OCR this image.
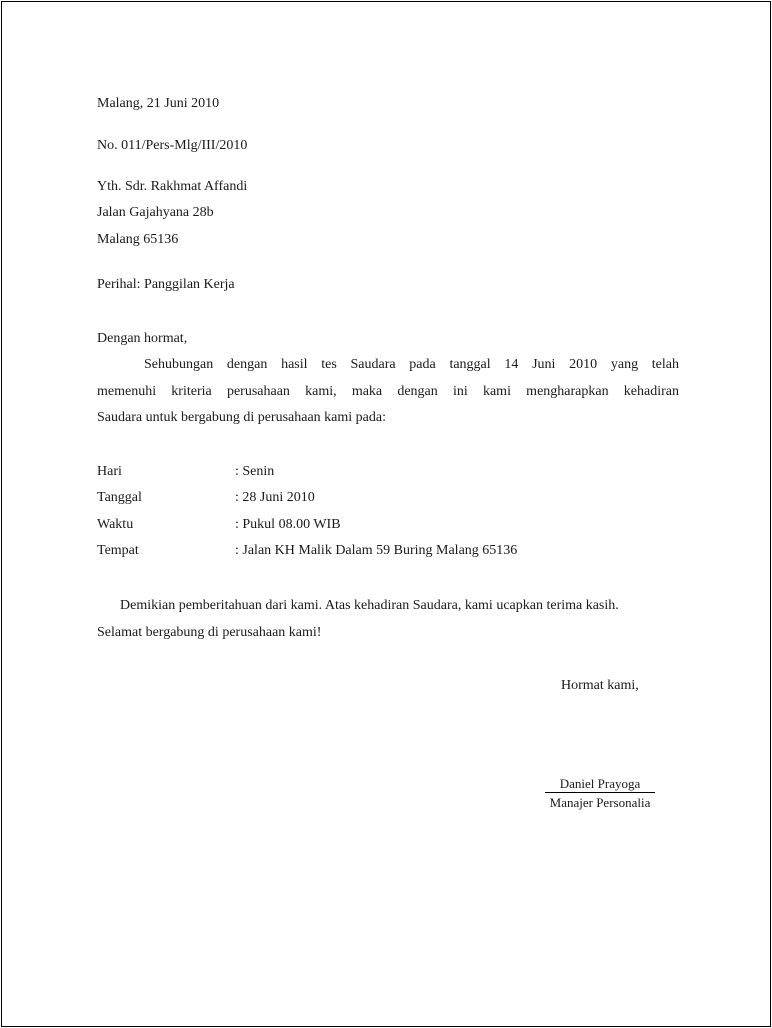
Malang, 21 Juni 2010
No. 011/Pers-Mlg/III/2010
Yth. Sdr. Rakhmat Affandi
Jalan Gajahyana 28b
Malang 65136
Perihal: Panggilan Kerja
Dengan hormat,
Sehubungan dengan hasil tes Saudara pada tanggal 14 Juni 2010 yang telah
memenuhi kriteria perusahaan kami, maka dengan ini kami mengharapkan kehadiran
Saudara untuk bergabung di perusahaan kami pada:
Hari	: Senin
Tanggal	: 28 Juni 2010
Waktu	: Pukul 08.00 WIB
Tempat	: Jalan KH Malik Dalam 59 Buring Malang 65136
Demikian pemberitahuan dari kami. Atas kehadiran Saudara, kami ucapkan terima kasih.
Selamat bergabung di perusahaan kami!
Hormat kami,
Daniel Prayoga
Manajer Personalia
